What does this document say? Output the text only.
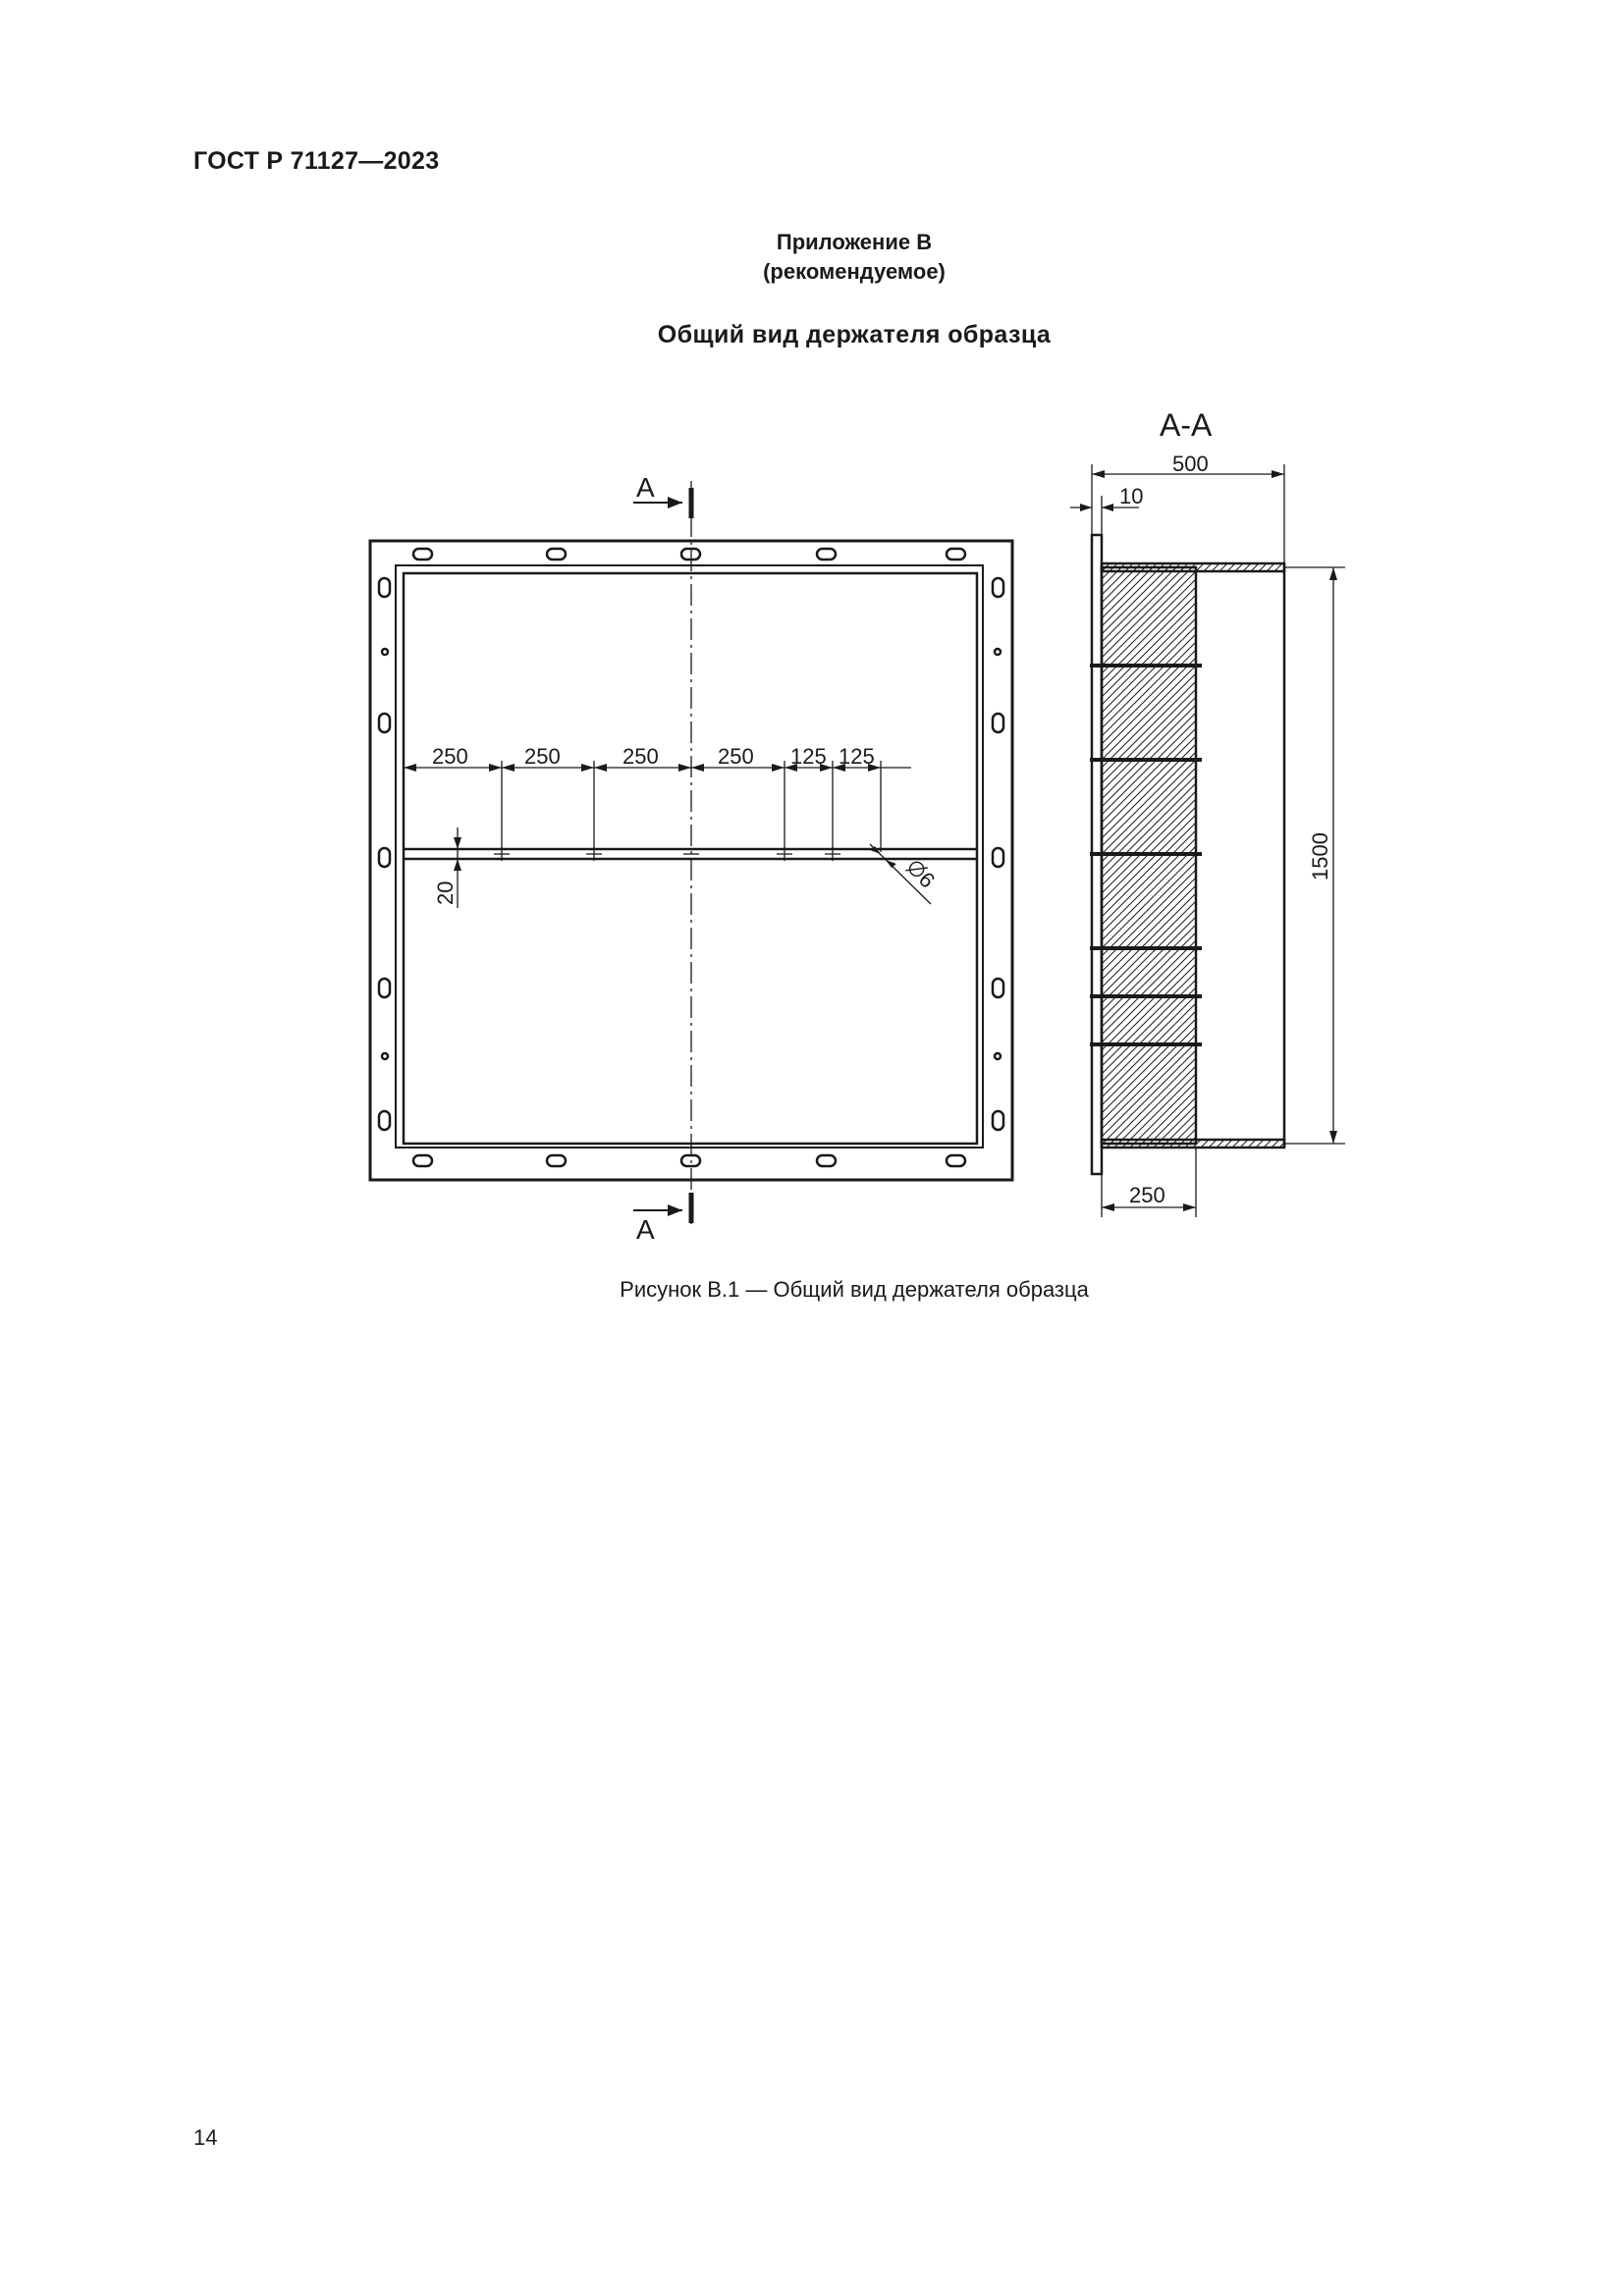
ГОСТ Р 71127—2023
Приложение В
(рекомендуемое)
Общий вид держателя образца
250	250	250	250 125 125
20
6
А
А
А-А
500
10
1500
250
Рисунок В.1 — Общий вид держателя образца
14
